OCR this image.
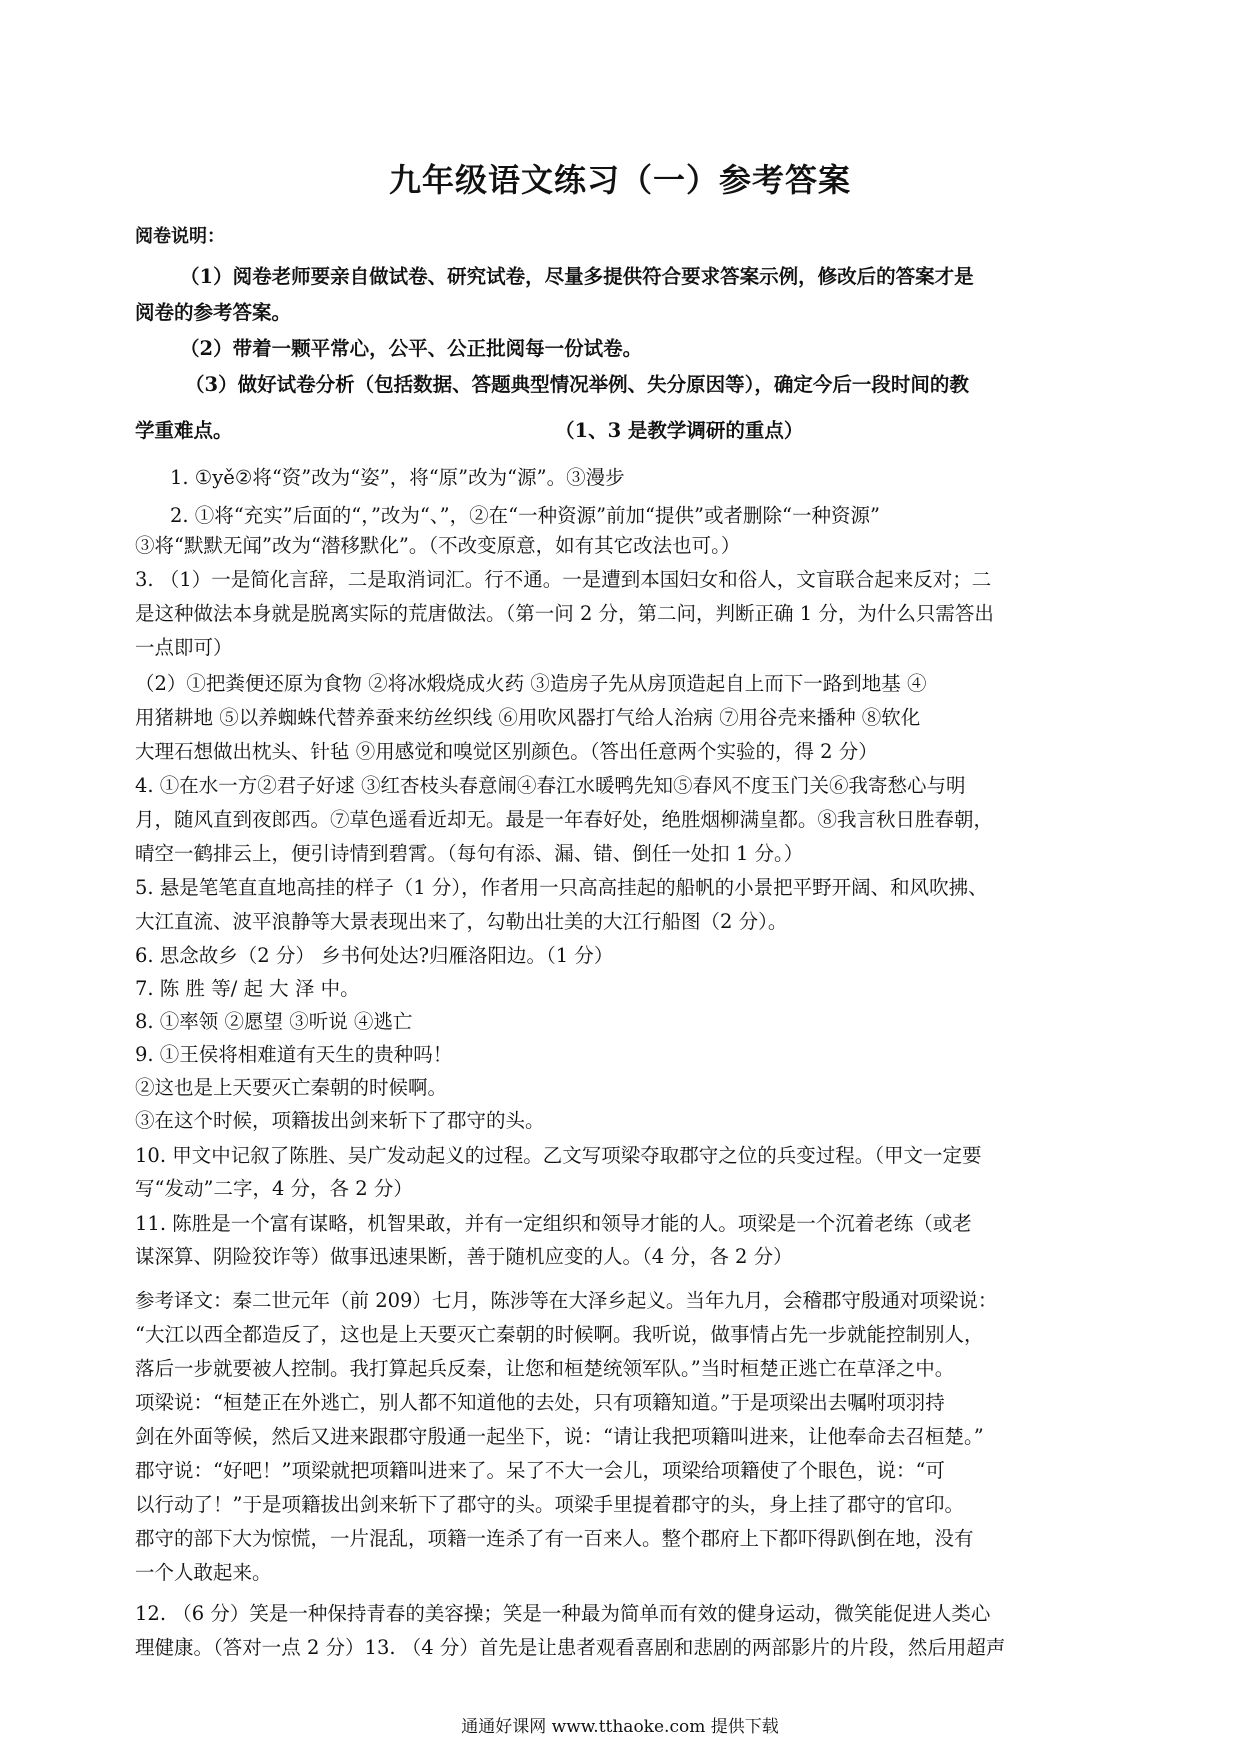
九年级语文练习（一）参考答案
阅卷说明：
（1）阅卷老师要亲自做试卷、研究试卷，尽量多提供符合要求答案示例，修改后的答案才是
阅卷的参考答案。
（2）带着一颗平常心，公平、公正批阅每一份试卷。
（3）做好试卷分析（包括数据、答题典型情况举例、失分原因等），确定今后一段时间的教
学重难点。	（1、3 是教学调研的重点）
1. ①yě②将“资”改为“姿”，将“原”改为“源”。③漫步
2. ①将“充实”后面的“，”改为“、”，②在“一种资源”前加“提供”或者删除“一种资源”
③将“默默无闻”改为“潜移默化”。（不改变原意，如有其它改法也可。）
3. （1）一是简化言辞，二是取消词汇。行不通。一是遭到本国妇女和俗人，文盲联合起来反对；二
是这种做法本身就是脱离实际的荒唐做法。（第一问 2 分，第二问，判断正确 1 分，为什么只需答出
一点即可）
（2）①把粪便还原为食物 ②将冰煅烧成火药 ③造房子先从房顶造起自上而下一路到地基 ④
用猪耕地 ⑤以养蜘蛛代替养蚕来纺丝织线 ⑥用吹风器打气给人治病 ⑦用谷壳来播种 ⑧软化
大理石想做出枕头、针毡 ⑨用感觉和嗅觉区别颜色。（答出任意两个实验的，得 2 分）
4. ①在水一方②君子好逑 ③红杏枝头春意闹④春江水暖鸭先知⑤春风不度玉门关⑥我寄愁心与明
月，随风直到夜郎西。⑦草色遥看近却无。最是一年春好处，绝胜烟柳满皇都。⑧我言秋日胜春朝，
晴空一鹤排云上，便引诗情到碧霄。（每句有添、漏、错、倒任一处扣 1 分。）
5. 悬是笔笔直直地高挂的样子（1 分），作者用一只高高挂起的船帆的小景把平野开阔、和风吹拂、
大江直流、波平浪静等大景表现出来了，勾勒出壮美的大江行船图（2 分）。
6. 思念故乡（2 分） 乡书何处达?归雁洛阳边。（1 分）
7. 陈 胜 等/ 起 大 泽 中。
8. ①率领 ②愿望 ③听说 ④逃亡
9. ①王侯将相难道有天生的贵种吗！
②这也是上天要灭亡秦朝的时候啊。
③在这个时候，项籍拔出剑来斩下了郡守的头。
10. 甲文中记叙了陈胜、吴广发动起义的过程。乙文写项梁夺取郡守之位的兵变过程。（甲文一定要
写“发动”二字，4 分，各 2 分）
11. 陈胜是一个富有谋略，机智果敢，并有一定组织和领导才能的人。项梁是一个沉着老练（或老
谋深算、阴险狡诈等）做事迅速果断，善于随机应变的人。（4 分，各 2 分）
参考译文：秦二世元年（前 209）七月，陈涉等在大泽乡起义。当年九月，会稽郡守殷通对项梁说：
“大江以西全都造反了，这也是上天要灭亡秦朝的时候啊。我听说，做事情占先一步就能控制别人，
落后一步就要被人控制。我打算起兵反秦，让您和桓楚统领军队。”当时桓楚正逃亡在草泽之中。
项梁说：“桓楚正在外逃亡，别人都不知道他的去处，只有项籍知道。”于是项梁出去嘱咐项羽持
剑在外面等候，然后又进来跟郡守殷通一起坐下，说：“请让我把项籍叫进来，让他奉命去召桓楚。”
郡守说：“好吧！”项梁就把项籍叫进来了。呆了不大一会儿，项梁给项籍使了个眼色，说：“可
以行动了！”于是项籍拔出剑来斩下了郡守的头。项梁手里提着郡守的头，身上挂了郡守的官印。
郡守的部下大为惊慌，一片混乱，项籍一连杀了有一百来人。整个郡府上下都吓得趴倒在地，没有
一个人敢起来。
12. （6 分）笑是一种保持青春的美容操；笑是一种最为简单而有效的健身运动，微笑能促进人类心
理健康。（答对一点 2 分）13. （4 分）首先是让患者观看喜剧和悲剧的两部影片的片段，然后用超声
通通好课网 www.tthaoke.com 提供下载
